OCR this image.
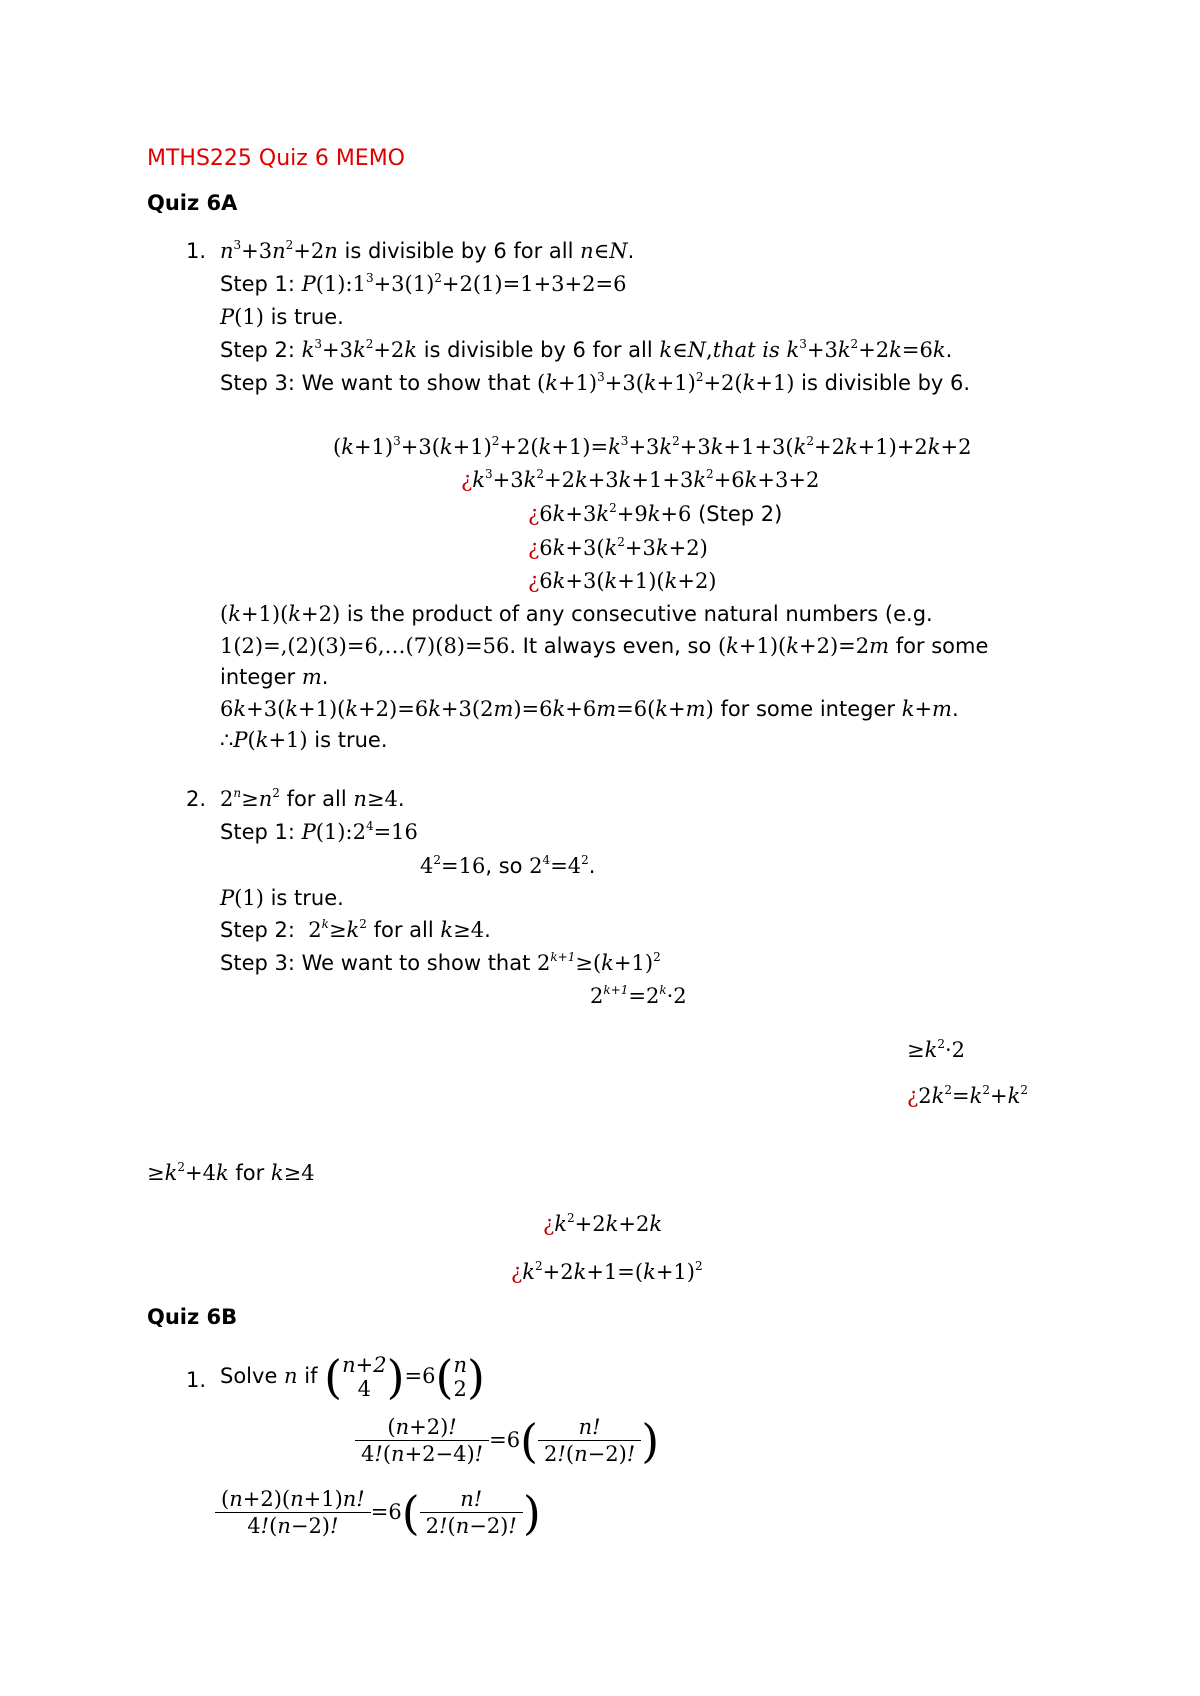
MTHS225 Quiz 6 MEMO
Quiz 6A
1. $n^3+3n^2+2n$ is divisible by 6 for all n∈N.
Step 1: $P(1):1^3+3(1)^2+2(1)=1+3+2=6$
P(1) is true.
Step 2: $k^3+3k^2+2k$ is divisible by 6 for all k∈N,that is $k^3+3k^2+2k=6k$.
Step 3: We want to show that $(k+1)^3+3(k+1)^2+2(k+1)$ is divisible by 6.
$(k+1)^3+3(k+1)^2+2(k+1)=k^3+3k^2+3k+1+3(k^2+2k+1)+2k+2$
¿$k^3+3k^2+2k+3k+1+3k^2+6k+3+2$
¿$6k+3k^2+9k+6$ (Step 2)
¿$6k+3(k^2+3k+2)$
¿6k+3(k+1)(k+2)
(k+1)(k+2) is the product of any consecutive natural numbers (e.g.
1(2)=,(2)(3)=6,…(7)(8)=56. It always even, so (k+1)(k+2)=2m for some
integer m.
6k+3(k+1)(k+2)=6k+3(2m)=6k+6m=6(k+m) for some integer k+m.
∴P(k+1) is true.
2. $2^n\ge n^2$ for all n≥4.
Step 1: $P(1):2^4=16$
$4^2=16$, so $2^4=4^2$.
P(1) is true.
Step 2:  $2^k\ge k^2$ for all k≥4.
Step 3: We want to show that $2^{k+1}\ge(k+1)^2$
$2^{k+1}=2^k\cdot 2$
$\ge k^2\cdot 2$
¿$2k^2=k^2+k^2$
$\ge k^2+4k$ for k≥4
¿$k^2+2k+2k$
¿$k^2+2k+1=(k+1)^2$
Quiz 6B
1. Solve n if ( n+2
4 )=6( n
2 )
$\frac{(n+2)!}{4!(n+2-4)!} =6( \frac{n!}{2!(n-2)!}$ )
$\frac{(n+2)(n+1)n!}{4!(n-2)!} =6( \frac{n!}{2!(n-2)!}$ )
